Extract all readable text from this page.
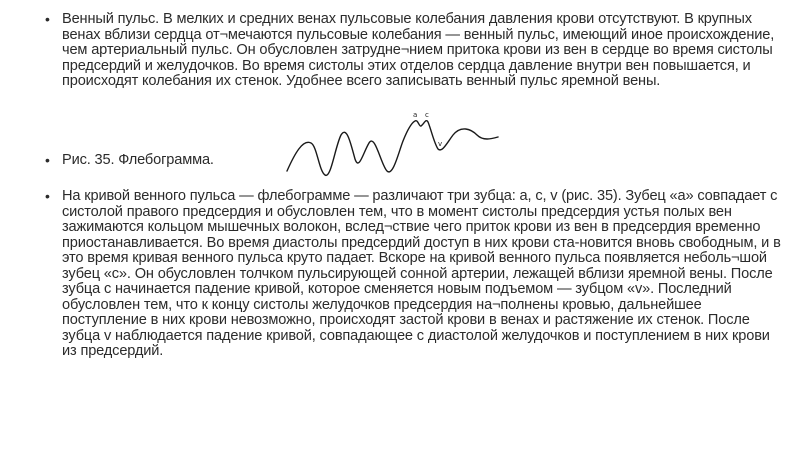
• Венный пульс. В мелких и средних венах пульсовые колебания давления крови отсутствуют. В крупных венах вблизи сердца от¬мечаются пульсовые колебания — венный пульс, имеющий иное происхождение, чем артериальный пульс. Он обусловлен затрудне¬нием притока крови из вен в сердце во время систолы предсердий и желудочков. Во время систолы этих отделов сердца давление внутри вен повышается, и происходят колебания их стенок. Удобнее всего записывать венный пульс яремной вены.
a c
v
• Рис. 35. Флебограмма.
• На кривой венного пульса — флебограмме — различают три зубца: а, с, v (рис. 35). Зубец «а» совпадает с систолой правого предсердия и обусловлен тем, что в момент систолы предсердия устья полых вен зажимаются кольцом мышечных волокон, вслед¬ствие чего приток крови из вен в предсердия временно приостанавливается. Во время диастолы предсердий доступ в них крови ста-новится вновь свободным, и в это время кривая венного пульса круто падает. Вскоре на кривой венного пульса появляется неболь¬шой зубец «с». Он обусловлен толчком пульсирующей сонной артерии, лежащей вблизи яремной вены. После зубца с начинается падение кривой, которое сменяется новым подъемом — зубцом «v». Последний обусловлен тем, что к концу систолы желудочков предсердия на¬полнены кровью, дальнейшее поступление в них крови невозможно, происходят застой крови в венах и растяжение их стенок. После зубца v наблюдается падение кривой, совпадающее с диастолой желудочков и поступлением в них крови из предсердий.
